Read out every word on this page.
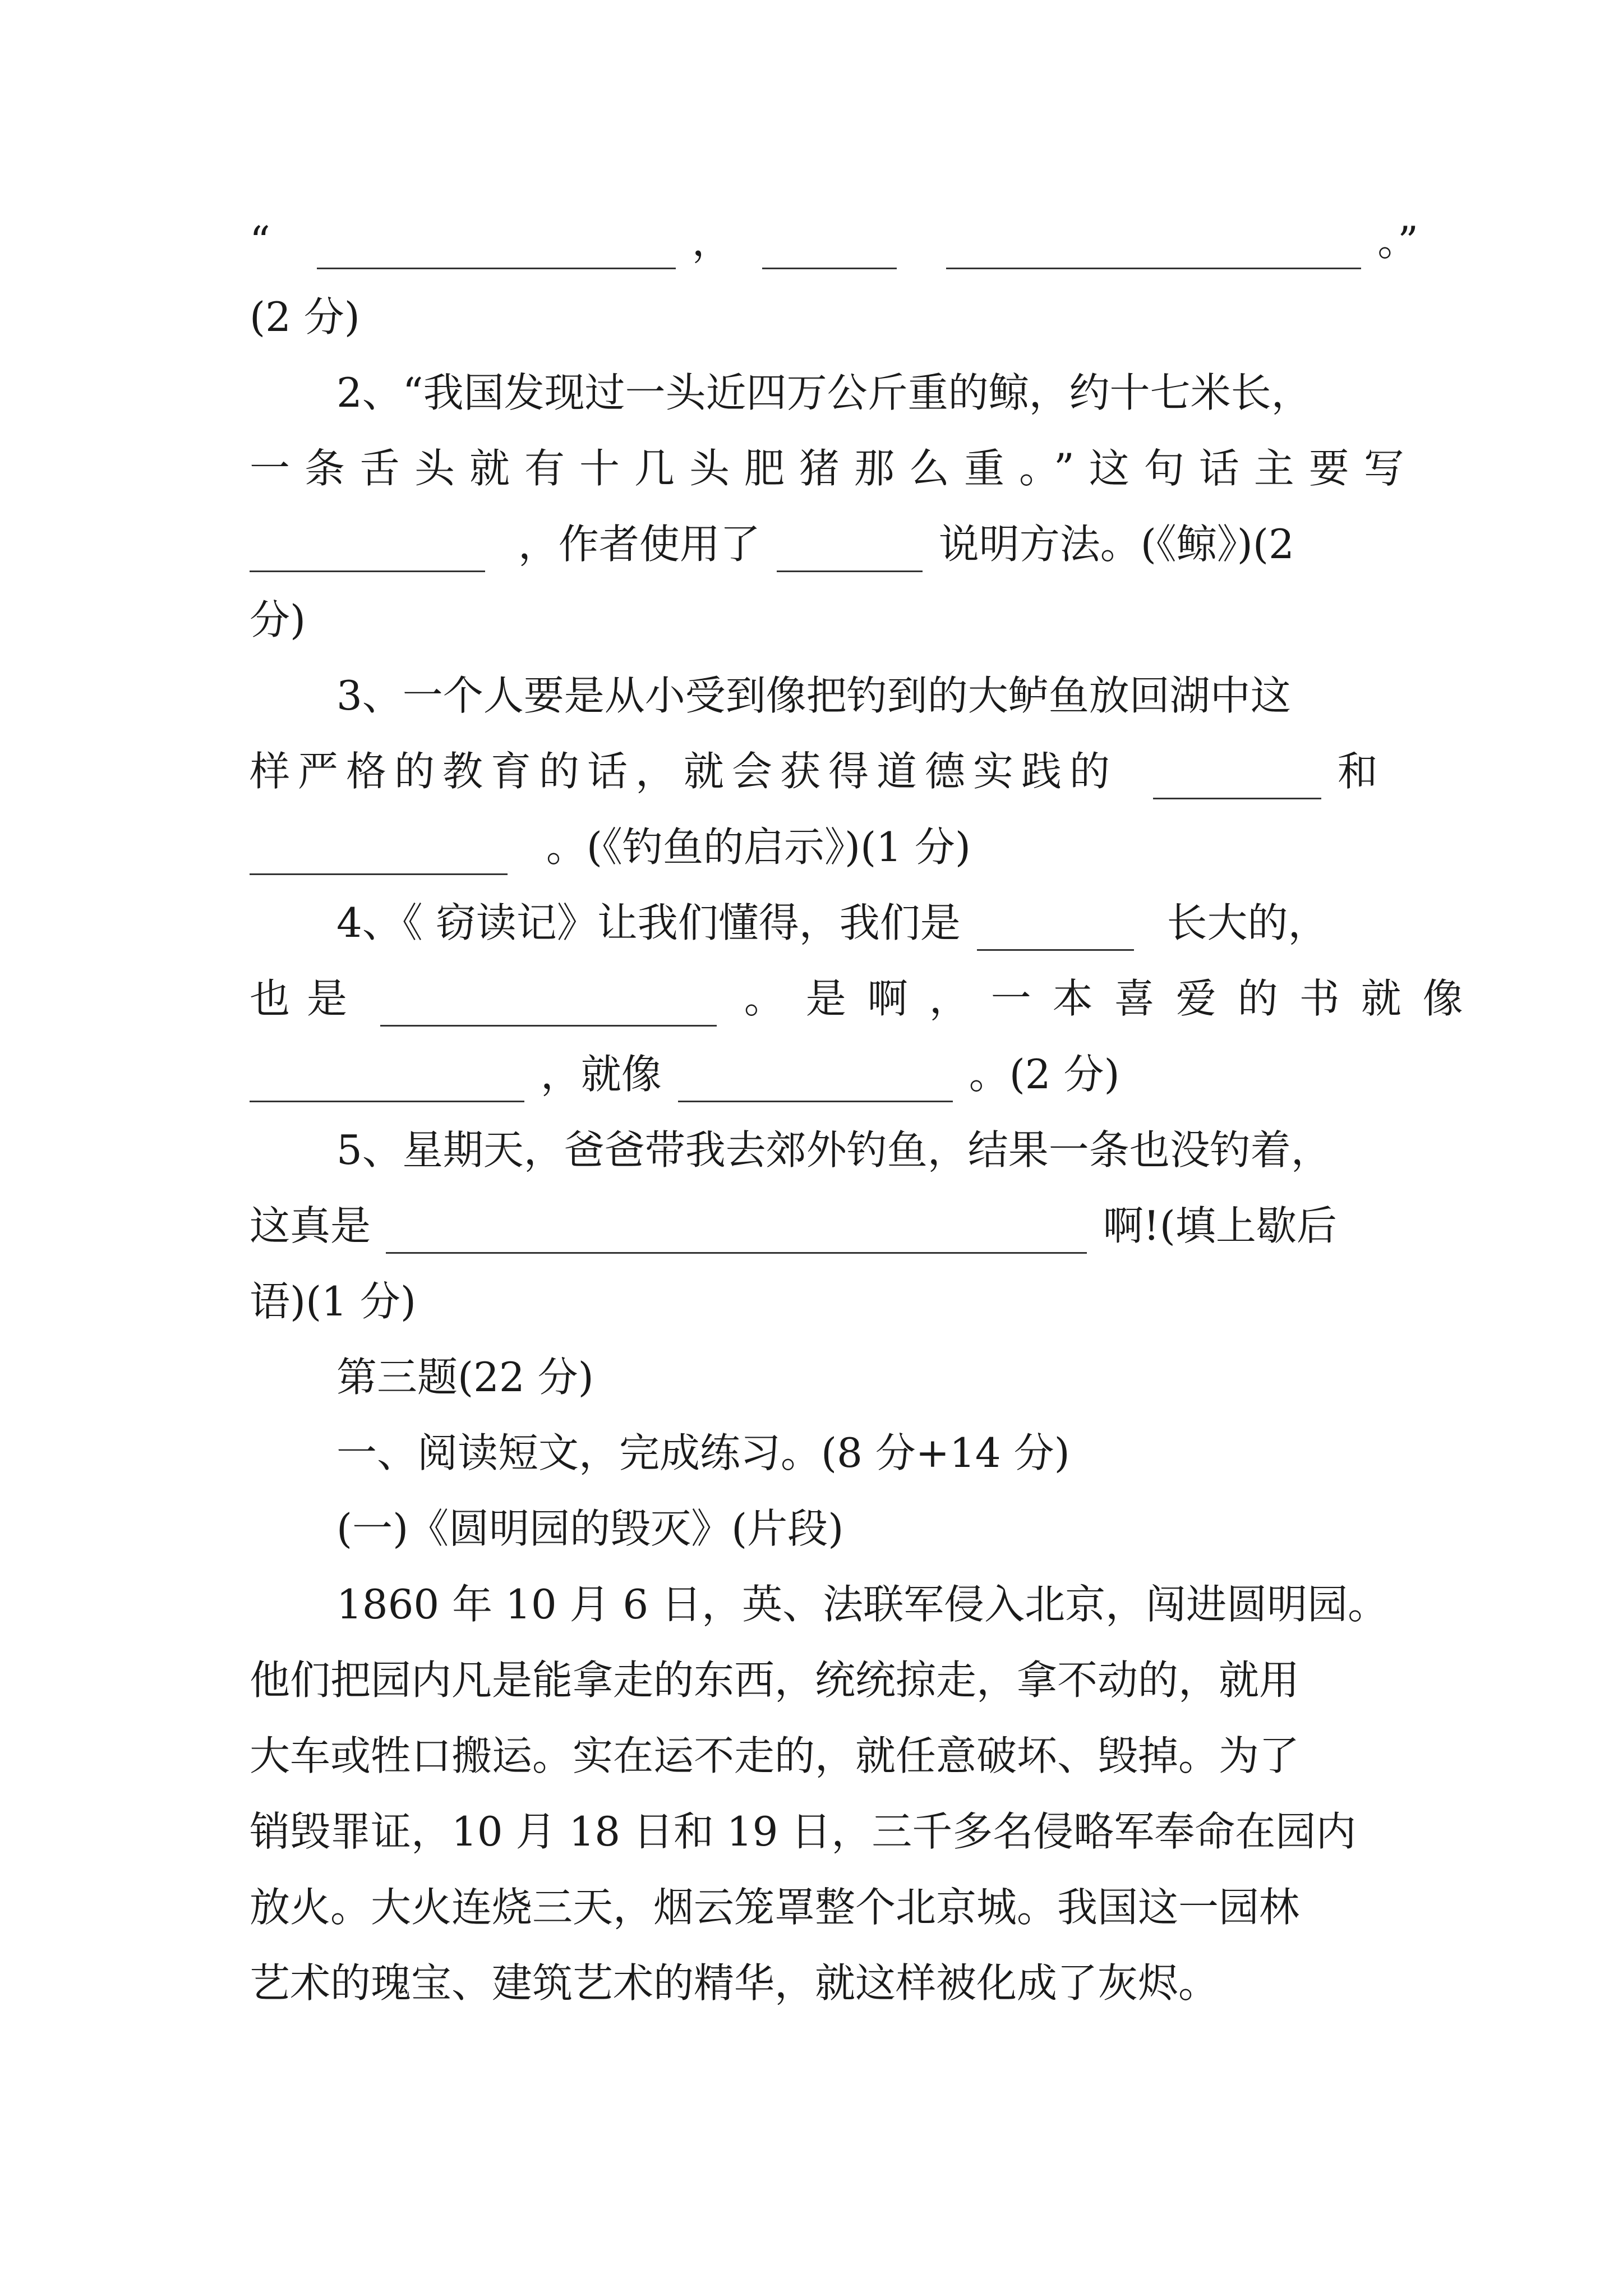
“	，	。”
(2 分)
2、“我国发现过一头近四万公斤重的鲸，约十七米长，
一条舌头就有十几头肥猪那么重。”这句话主要写
，作者使用了	说明方法。(《鲸》)(2
分)
3、一个人要是从小受到像把钓到的大鲈鱼放回湖中这
样严格的教育的话，就会获得道德实践的	和
。(《钓鱼的启示》)(1 分)
4、《 窃读记》让我们懂得，我们是	长大的，
也是	。是啊，一本喜爱的书就像
，就像	。(2 分)
5、星期天，爸爸带我去郊外钓鱼，结果一条也没钓着，
这真是	啊!(填上歇后
语)(1 分)
第三题(22 分)
一、阅读短文，完成练习。(8 分+14 分)
(一)《圆明园的毁灭》(片段)
1860 年 10 月 6 日，英、法联军侵入北京，闯进圆明园。
他们把园内凡是能拿走的东西，统统掠走，拿不动的，就用
大车或牲口搬运。实在运不走的，就任意破坏、毁掉。为了
销毁罪证，10 月 18 日和 19 日，三千多名侵略军奉命在园内
放火。大火连烧三天，烟云笼罩整个北京城。我国这一园林
艺术的瑰宝、建筑艺术的精华，就这样被化成了灰烬。
